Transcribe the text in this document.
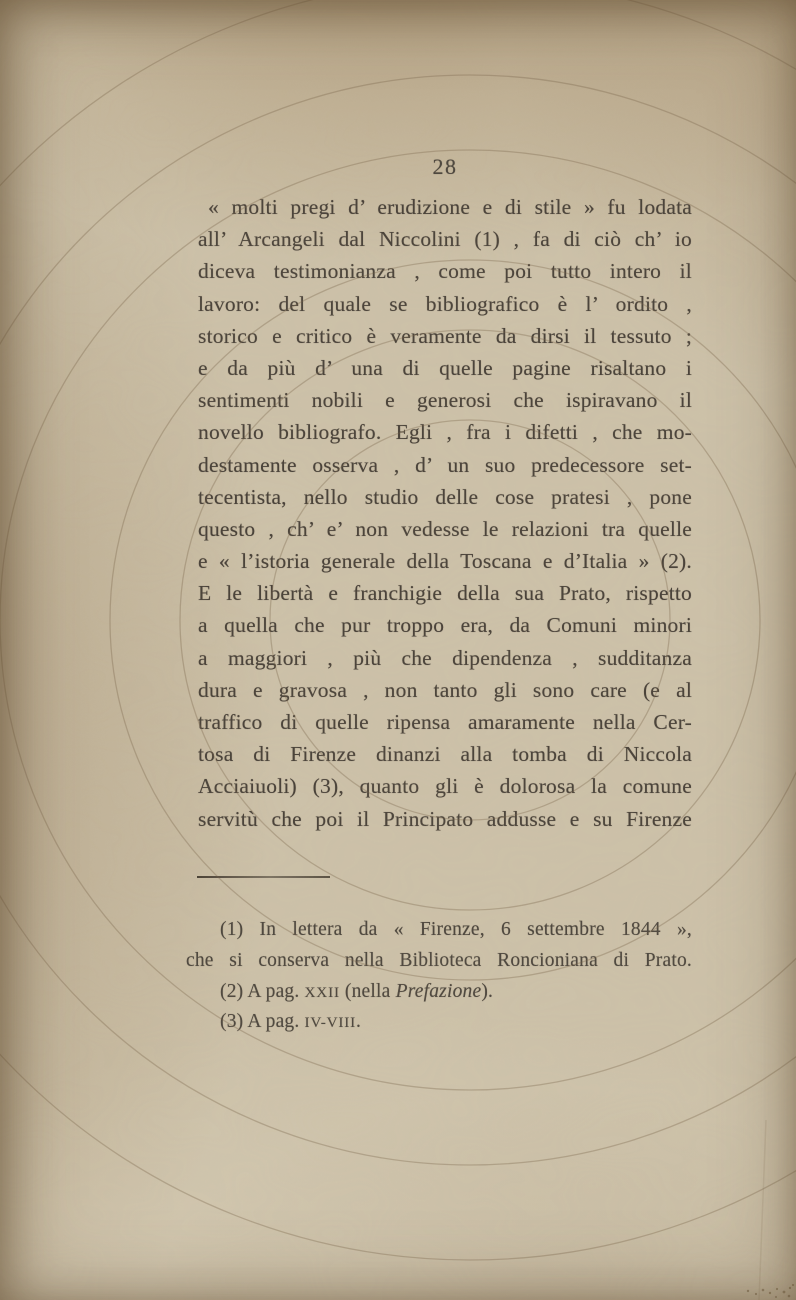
28
« molti pregi d’ erudizione e di stile » fu lodata
all’ Arcangeli dal Niccolini (1) , fa di ciò ch’ io
diceva testimonianza , come poi tutto intero il
lavoro: del quale se bibliografico è l’ ordito ,
storico e critico è veramente da dirsi il tessuto ;
e da più d’ una di quelle pagine risaltano i
sentimenti nobili e generosi che ispiravano il
novello bibliografo. Egli , fra i difetti , che mo-
destamente osserva , d’ un suo predecessore set-
tecentista, nello studio delle cose pratesi , pone
questo , ch’ e’ non vedesse le relazioni tra quelle
e « l’istoria generale della Toscana e d’Italia » (2).
E le libertà e franchigie della sua Prato, rispetto
a quella che pur troppo era, da Comuni minori
a maggiori , più che dipendenza , sudditanza
dura e gravosa , non tanto gli sono care (e al
traffico di quelle ripensa amaramente nella Cer-
tosa di Firenze dinanzi alla tomba di Niccola
Acciaiuoli) (3), quanto gli è dolorosa la comune
servitù che poi il Principato addusse e su Firenze
(1) In lettera da « Firenze, 6 settembre 1844 »,
che si conserva nella Biblioteca Roncioniana di Prato.
(2) A pag. XXII (nella Prefazione).
(3) A pag. IV-VIII.
